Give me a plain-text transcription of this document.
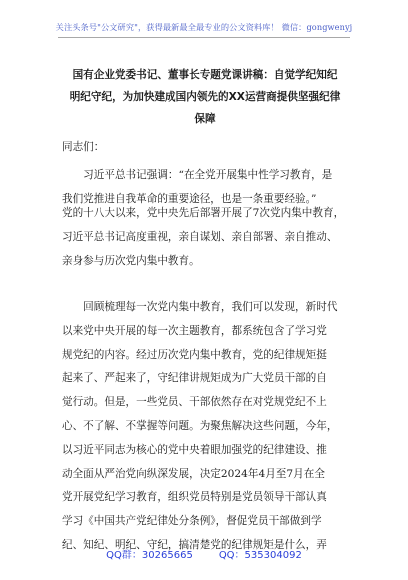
关注头条号"公文研究"，获得最新最全最专业的公文资料库！ 微信：gongwenyj
国有企业党委书记、董事长专题党课讲稿：自觉学纪知纪
明纪守纪，为加快建成国内领先的XX运营商提供坚强纪律
保障
同志们：
　　习近平总书记强调：“在全党开展集中性学习教育，是
我们党推进自我革命的重要途径，也是一条重要经验。”
党的十八大以来，党中央先后部署开展了7次党内集中教育，
习近平总书记高度重视，亲自谋划、亲自部署、亲自推动、
亲身参与历次党内集中教育。
　　回顾梳理每一次党内集中教育，我们可以发现，新时代
以来党中央开展的每一次主题教育，都系统包含了学习党
规党纪的内容。经过历次党内集中教育，党的纪律规矩挺
起来了、严起来了，守纪律讲规矩成为广大党员干部的自
觉行动。但是，一些党员、干部依然存在对党规党纪不上
心、不了解、不掌握等问题。为聚焦解决这些问题，今年，
以习近平同志为核心的党中央着眼加强党的纪律建设、推
动全面从严治党向纵深发展，决定2024年4月至7月在全
党开展党纪学习教育，组织党员特别是党员领导干部认真
学习《中国共产党纪律处分条例》，督促党员干部做到学
纪、知纪、明纪、守纪，搞清楚党的纪律规矩是什么，弄
QQ群：30265665	QQ：535304092
